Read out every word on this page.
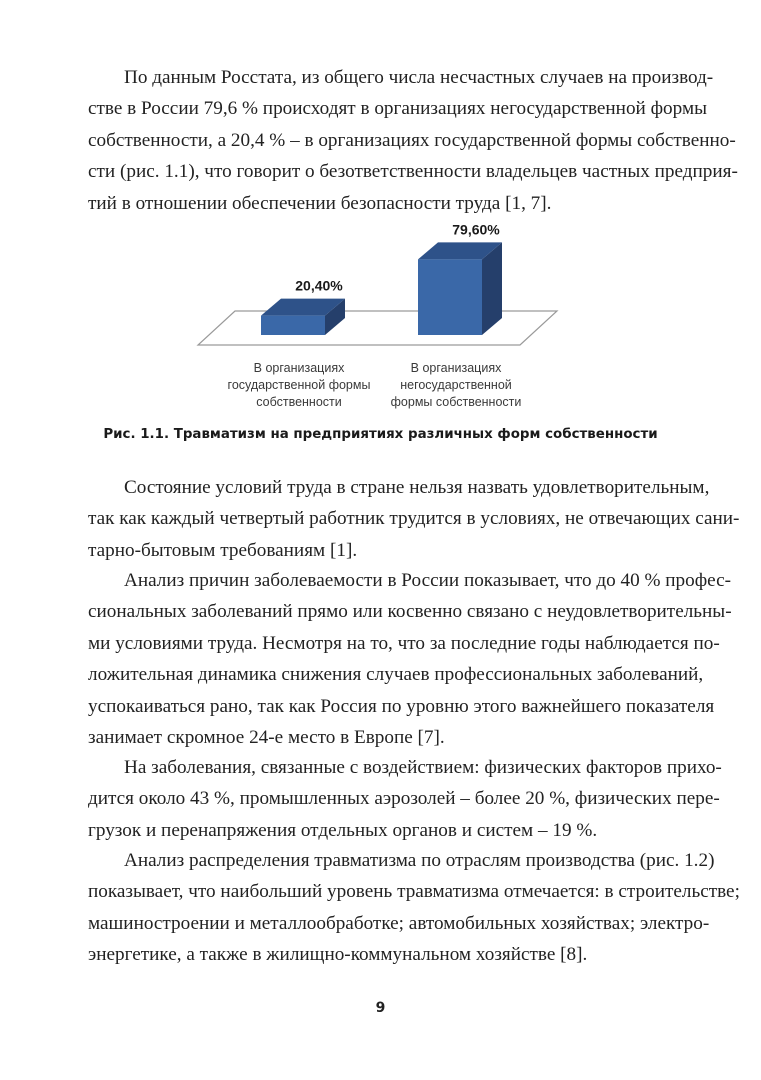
По данным Росстата, из общего числа несчастных случаев на производ-
стве в России 79,6 % происходят в организациях негосударственной формы
собственности, а 20,4 % – в организациях государственной формы собственно-
сти (рис. 1.1), что говорит о безответственности владельцев частных предприя-
тий в отношении обеспечении безопасности труда [1, 7].
20,40%
В организациях
государственной формы
собственности
79,60%
В организациях
негосударственной
формы собственности
Рис. 1.1. Травматизм на предприятиях различных форм собственности
Состояние условий труда в стране нельзя назвать удовлетворительным,
так как каждый четвертый работник трудится в условиях, не отвечающих сани-
тарно-бытовым требованиям [1].
Анализ причин заболеваемости в России показывает, что до 40 % профес-
сиональных заболеваний прямо или косвенно связано с неудовлетворительны-
ми условиями труда. Несмотря на то, что за последние годы наблюдается по-
ложительная динамика снижения случаев профессиональных заболеваний,
успокаиваться рано, так как Россия по уровню этого важнейшего показателя
занимает скромное 24-е место в Европе [7].
На заболевания, связанные с воздействием: физических факторов прихо-
дится около 43 %, промышленных аэрозолей – более 20 %, физических пере-
грузок и перенапряжения отдельных органов и систем – 19 %.
Анализ распределения травматизма по отраслям производства (рис. 1.2)
показывает, что наибольший уровень травматизма отмечается: в строительстве;
машиностроении и металлообработке; автомобильных хозяйствах; электро-
энергетике, а также в жилищно-коммунальном хозяйстве [8].
9
